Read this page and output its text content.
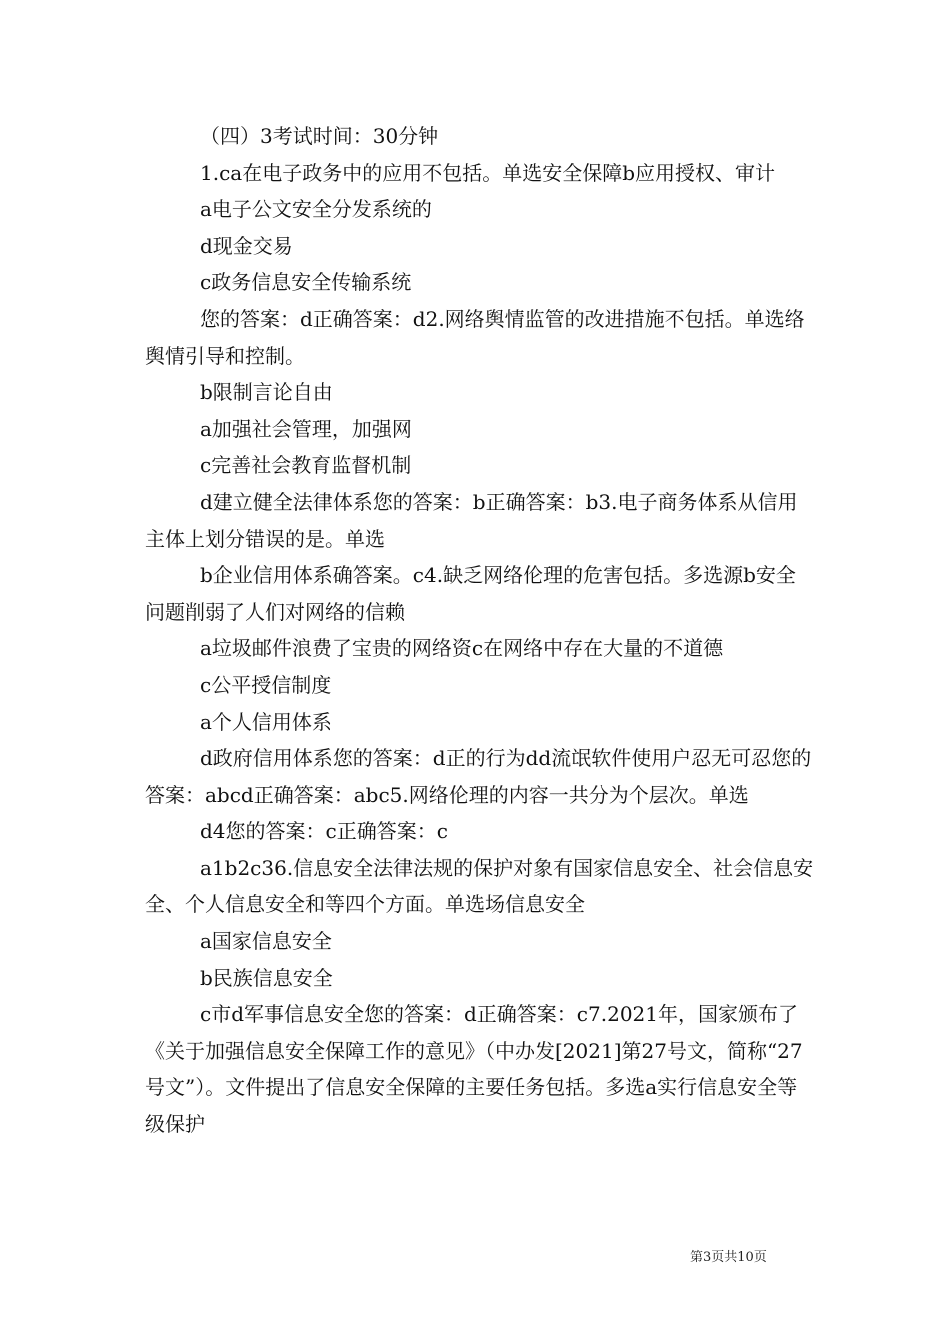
（四）3考试时间：30分钟

1.ca在电子政务中的应用不包括。单选安全保障b应用授权、审计

a电子公文安全分发系统的

d现金交易

c政务信息安全传输系统

您的答案：d正确答案：d2.网络舆情监管的改进措施不包括。单选络舆情引导和控制。

b限制言论自由

a加强社会管理，加强网

c完善社会教育监督机制

d建立健全法律体系您的答案：b正确答案：b3.电子商务体系从信用主体上划分错误的是。单选

b企业信用体系确答案。c4.缺乏网络伦理的危害包括。多选源b安全问题削弱了人们对网络的信赖

a垃圾邮件浪费了宝贵的网络资c在网络中存在大量的不道德

c公平授信制度

a个人信用体系

d政府信用体系您的答案：d正的行为dd流氓软件使用户忍无可忍您的答案：abcd正确答案：abc5.网络伦理的内容一共分为个层次。单选

d4您的答案：c正确答案：c

a1b2c36.信息安全法律法规的保护对象有国家信息安全、社会信息安全、个人信息安全和等四个方面。单选场信息安全

a国家信息安全

b民族信息安全

c市d军事信息安全您的答案：d正确答案：c7.2021年，国家颁布了《关于加强信息安全保障工作的意见》（中办发[2021]第27号文，简称“27号文”）。文件提出了信息安全保障的主要任务包括。多选a实行信息安全等级保护

第3页共10页
